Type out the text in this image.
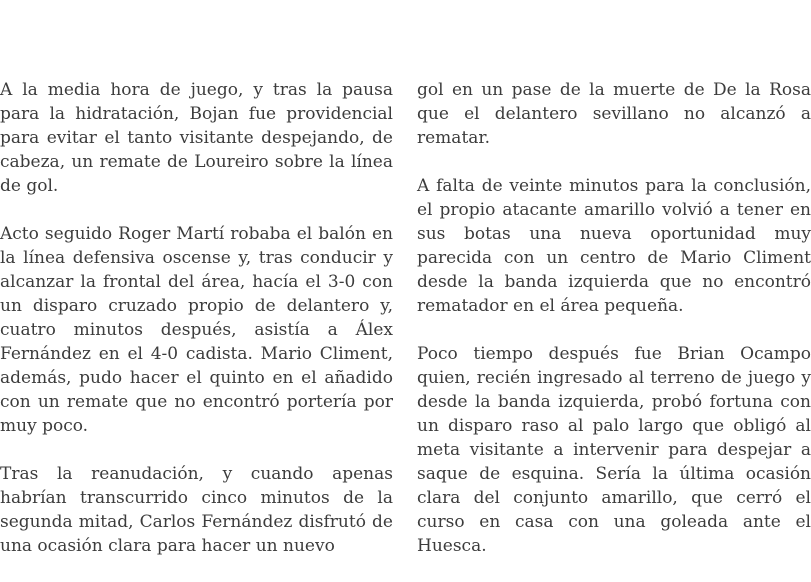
A la media hora de juego, y tras la pausa para la hidratación, Bojan fue providencial para evitar el tanto visitante despejando, de cabeza, un remate de Loureiro sobre la línea de gol.

Acto seguido Roger Martí robaba el balón en la línea defensiva oscense y, tras conducir y alcanzar la frontal del área, hacía el 3-0 con un disparo cruzado propio de delantero y, cuatro minutos después, asistía a Álex Fernández en el 4-0 cadista. Mario Climent, además, pudo hacer el quinto en el añadido con un remate que no encontró portería por muy poco.

Tras la reanudación, y cuando apenas habrían transcurrido cinco minutos de la segunda mitad, Carlos Fernández disfrutó de una ocasión clara para hacer un nuevo

gol en un pase de la muerte de De la Rosa que el delantero sevillano no alcanzó a rematar.

A falta de veinte minutos para la conclusión, el propio atacante amarillo volvió a tener en sus botas una nueva oportunidad muy parecida con un centro de Mario Climent desde la banda izquierda que no encontró rematador en el área pequeña.

Poco tiempo después fue Brian Ocampo quien, recién ingresado al terreno de juego y desde la banda izquierda, probó fortuna con un disparo raso al palo largo que obligó al meta visitante a intervenir para despejar a saque de esquina. Sería la última ocasión clara del conjunto amarillo, que cerró el curso en casa con una goleada ante el Huesca.
